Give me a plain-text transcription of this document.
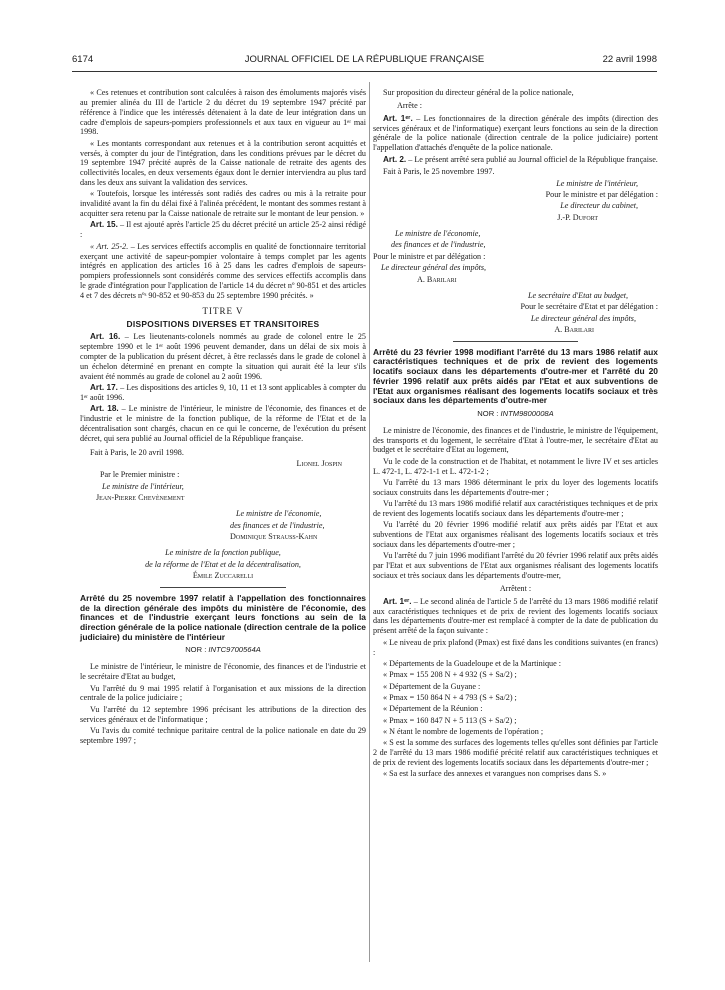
6174	JOURNAL OFFICIEL DE LA RÉPUBLIQUE FRANÇAISE	22 avril 1998

« Ces retenues et contribution sont calculées à raison des émoluments majorés visés au premier alinéa du III de l'article 2 du décret du 19 septembre 1947 précité par référence à l'indice que les intéressés détenaient à la date de leur intégration dans un cadre d'emplois de sapeurs-pompiers professionnels et aux taux en vigueur au 1ᵉʳ mai 1998.

« Les montants correspondant aux retenues et à la contribution seront acquittés et versés, à compter du jour de l'intégration, dans les conditions prévues par le décret du 19 septembre 1947 précité auprès de la Caisse nationale de retraite des agents des collectivités locales, en deux versements égaux dont le dernier interviendra au plus tard dans les deux ans suivant la validation des services.

« Toutefois, lorsque les intéressés sont radiés des cadres ou mis à la retraite pour invalidité avant la fin du délai fixé à l'alinéa précédent, le montant des sommes restant à acquitter sera retenu par la Caisse nationale de retraite sur le montant de leur pension. »

Art. 15. – Il est ajouté après l'article 25 du décret précité un article 25-2 ainsi rédigé :

« Art. 25-2. – Les services effectifs accomplis en qualité de fonctionnaire territorial exerçant une activité de sapeur-pompier volontaire à temps complet par les agents intégrés en application des articles 16 à 25 dans les cadres d'emplois de sapeurs-pompiers professionnels sont considérés comme des services effectifs accomplis dans le grade d'intégration pour l'application de l'article 14 du décret nº 90-851 et des articles 4 et 7 des décrets nºˢ 90-852 et 90-853 du 25 septembre 1990 précités. »

TITRE V

DISPOSITIONS DIVERSES ET TRANSITOIRES

Art. 16. – Les lieutenants-colonels nommés au grade de colonel entre le 25 septembre 1990 et le 1ᵉʳ août 1996 peuvent demander, dans un délai de six mois à compter de la publication du présent décret, à être reclassés dans le grade de colonel à un échelon déterminé en prenant en compte la situation qui aurait été la leur s'ils avaient été nommés au grade de colonel au 2 août 1996.

Art. 17. – Les dispositions des articles 9, 10, 11 et 13 sont applicables à compter du 1ᵉʳ août 1996.

Art. 18. – Le ministre de l'intérieur, le ministre de l'économie, des finances et de l'industrie et le ministre de la fonction publique, de la réforme de l'Etat et de la décentralisation sont chargés, chacun en ce qui le concerne, de l'exécution du présent décret, qui sera publié au Journal officiel de la République française.

Fait à Paris, le 20 avril 1998.

Lionel Jospin

Par le Premier ministre :

Le ministre de l'intérieur,

Jean-Pierre Chevènement

Le ministre de l'économie,

des finances et de l'industrie,

Dominique Strauss-Kahn

Le ministre de la fonction publique,

de la réforme de l'Etat et de la décentralisation,

Émile Zuccarelli

Arrêté du 25 novembre 1997 relatif à l'appellation des fonctionnaires de la direction générale des impôts du ministère de l'économie, des finances et de l'industrie exerçant leurs fonctions au sein de la direction générale de la police nationale (direction centrale de la police judiciaire) du ministère de l'intérieur

NOR : INTC9700564A

Le ministre de l'intérieur, le ministre de l'économie, des finances et de l'industrie et le secrétaire d'Etat au budget,

Vu l'arrêté du 9 mai 1995 relatif à l'organisation et aux missions de la direction centrale de la police judiciaire ;

Vu l'arrêté du 12 septembre 1996 précisant les attributions de la direction des services généraux et de l'informatique ;

Vu l'avis du comité technique paritaire central de la police nationale en date du 29 septembre 1997 ;

Sur proposition du directeur général de la police nationale,

Arrête :

Art. 1ᵉʳ. – Les fonctionnaires de la direction générale des impôts (direction des services généraux et de l'informatique) exerçant leurs fonctions au sein de la direction générale de la police nationale (direction centrale de la police judiciaire) portent l'appellation d'attachés d'enquête de la police nationale.

Art. 2. – Le présent arrêté sera publié au Journal officiel de la République française.

Fait à Paris, le 25 novembre 1997.

Le ministre de l'intérieur,

Pour le ministre et par délégation :

Le directeur du cabinet,

J.-P. Dufort

Le ministre de l'économie,

des finances et de l'industrie,

Pour le ministre et par délégation :

Le directeur général des impôts,

A. Barilari

Le secrétaire d'Etat au budget,

Pour le secrétaire d'Etat et par délégation :

Le directeur général des impôts,

A. Barilari

Arrêté du 23 février 1998 modifiant l'arrêté du 13 mars 1986 relatif aux caractéristiques techniques et de prix de revient des logements locatifs sociaux dans les départements d'outre-mer et l'arrêté du 20 février 1996 relatif aux prêts aidés par l'Etat et aux subventions de l'Etat aux organismes réalisant des logements locatifs sociaux et très sociaux dans les départements d'outre-mer

NOR : INTM9800008A

Le ministre de l'économie, des finances et de l'industrie, le ministre de l'équipement, des transports et du logement, le secrétaire d'Etat à l'outre-mer, le secrétaire d'Etat au budget et le secrétaire d'Etat au logement,

Vu le code de la construction et de l'habitat, et notamment le livre IV et ses articles L. 472-1, L. 472-1-1 et L. 472-1-2 ;

Vu l'arrêté du 13 mars 1986 déterminant le prix du loyer des logements locatifs sociaux construits dans les départements d'outre-mer ;

Vu l'arrêté du 13 mars 1986 modifié relatif aux caractéristiques techniques et de prix de revient des logements locatifs sociaux dans les départements d'outre-mer ;

Vu l'arrêté du 20 février 1996 modifié relatif aux prêts aidés par l'Etat et aux subventions de l'Etat aux organismes réalisant des logements locatifs sociaux et très sociaux dans les départements d'outre-mer ;

Vu l'arrêté du 7 juin 1996 modifiant l'arrêté du 20 février 1996 relatif aux prêts aidés par l'Etat et aux subventions de l'Etat aux organismes réalisant des logements locatifs sociaux et très sociaux dans les départements d'outre-mer,

Arrêtent :

Art. 1ᵉʳ. – Le second alinéa de l'article 5 de l'arrêté du 13 mars 1986 modifié relatif aux caractéristiques techniques et de prix de revient des logements locatifs sociaux dans les départements d'outre-mer est remplacé à compter de la date de publication du présent arrêté de la façon suivante :

« Le niveau de prix plafond (Pmax) est fixé dans les conditions suivantes (en francs) :

« Départements de la Guadeloupe et de la Martinique :

« Pmax = 155 208 N + 4 932 (S + Sa/2) ;

« Département de la Guyane :

« Pmax = 150 864 N + 4 793 (S + Sa/2) ;

« Département de la Réunion :

« Pmax = 160 847 N + 5 113 (S + Sa/2) ;

« N étant le nombre de logements de l'opération ;

« S est la somme des surfaces des logements telles qu'elles sont définies par l'article 2 de l'arrêté du 13 mars 1986 modifié précité relatif aux caractéristiques techniques et de prix de revient des logements locatifs sociaux dans les départements d'outre-mer ;

« Sa est la surface des annexes et varangues non comprises dans S. »
